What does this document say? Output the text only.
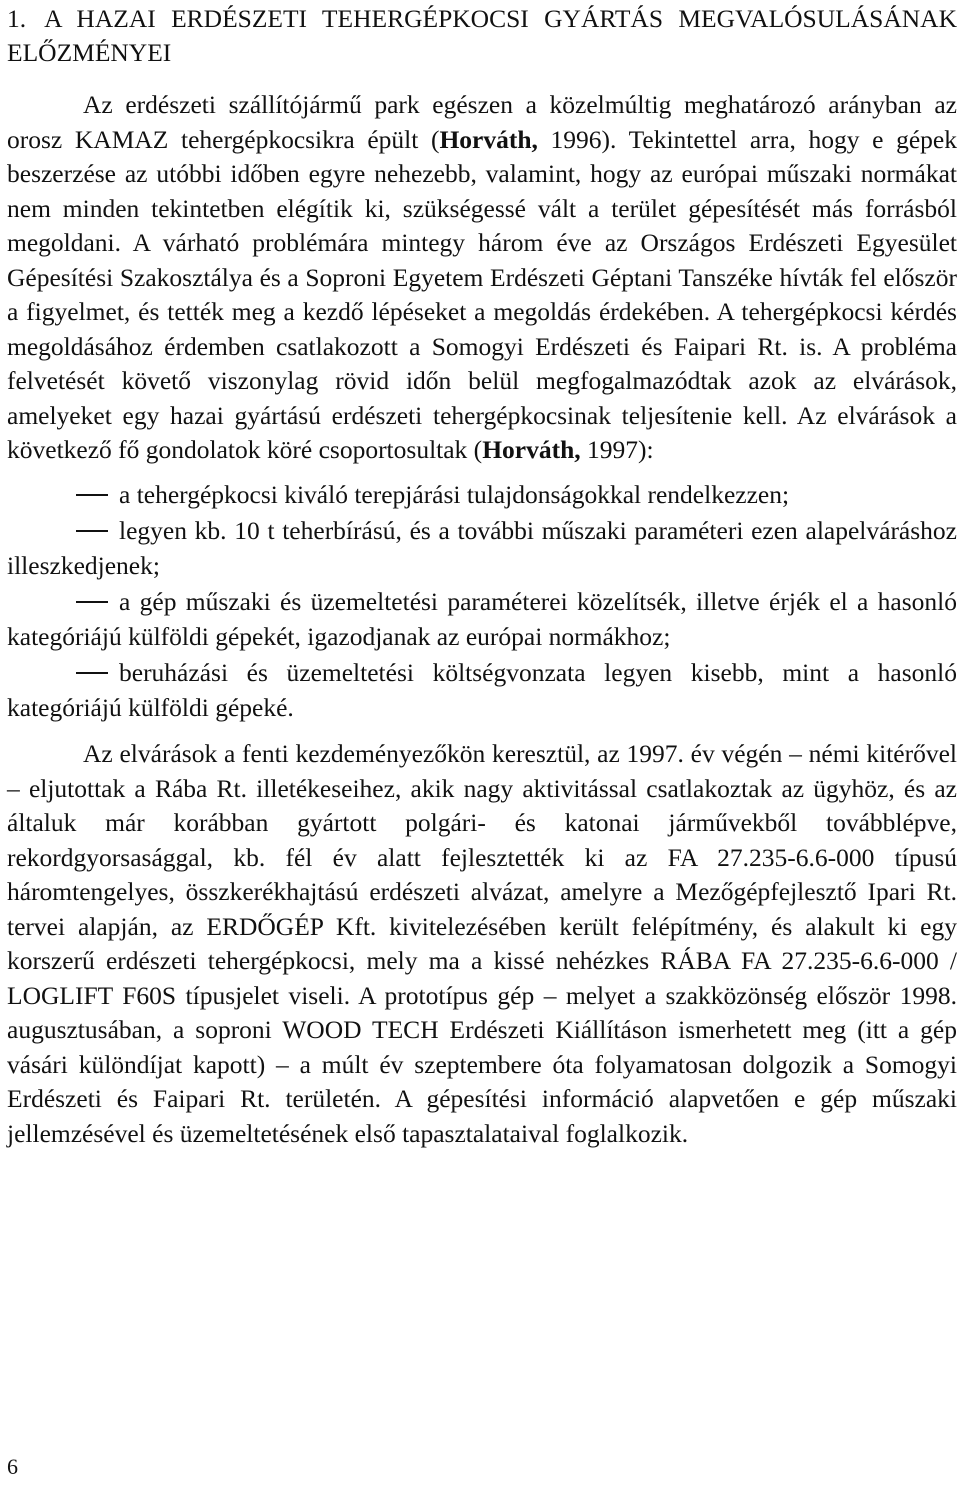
1. A HAZAI ERDÉSZETI TEHERGÉPKOCSI GYÁRTÁS MEGVALÓSULÁSÁNAK ELŐZMÉNYEI

Az erdészeti szállítójármű park egészen a közelmúltig meghatározó arányban az orosz KAMAZ tehergépkocsikra épült (Horváth, 1996). Tekintettel arra, hogy e gépek beszerzése az utóbbi időben egyre nehezebb, valamint, hogy az európai műszaki normákat nem minden tekintetben elégítik ki, szükségessé vált a terület gépesítését más forrásból megoldani. A várható problémára mintegy három éve az Országos Erdészeti Egyesület Gépesítési Szakosztálya és a Soproni Egyetem Erdészeti Géptani Tanszéke hívták fel először a figyelmet, és tették meg a kezdő lépéseket a megoldás érdekében. A tehergépkocsi kérdés megoldásához érdemben csatlakozott a Somogyi Erdészeti és Faipari Rt. is. A probléma felvetését követő viszonylag rövid időn belül megfogalmazódtak azok az elvárások, amelyeket egy hazai gyártású erdészeti tehergépkocsinak teljesítenie kell. Az elvárások a következő fő gondolatok köré csoportosultak (Horváth, 1997):

a tehergépkocsi kiváló terepjárási tulajdonságokkal rendelkezzen;
legyen kb. 10 t teherbírású, és a további műszaki paraméteri ezen alapelváráshoz illeszkedjenek;
a gép műszaki és üzemeltetési paraméterei közelítsék, illetve érjék el a hasonló kategóriájú külföldi gépekét, igazodjanak az európai normákhoz;
beruházási és üzemeltetési költségvonzata legyen kisebb, mint a hasonló kategóriájú külföldi gépeké.

Az elvárások a fenti kezdeményezőkön keresztül, az 1997. év végén – némi kitérővel – eljutottak a Rába Rt. illetékeseihez, akik nagy aktivitással csatlakoztak az ügyhöz, és az általuk már korábban gyártott polgári- és katonai járművekből továbblépve, rekordgyorsasággal, kb. fél év alatt fejlesztették ki az FA 27.235-6.6-000 típusú háromtengelyes, összkerékhajtású erdészeti alvázat, amelyre a Mezőgépfejlesztő Ipari Rt. tervei alapján, az ERDŐGÉP Kft. kivitelezésében került felépítmény, és alakult ki egy korszerű erdészeti tehergépkocsi, mely ma a kissé nehézkes RÁBA FA 27.235-6.6-000 / LOGLIFT F60S típusjelet viseli. A prototípus gép – melyet a szakközönség először 1998. augusztusában, a soproni WOOD TECH Erdészeti Kiállításon ismerhetett meg (itt a gép vásári különdíjat kapott) – a múlt év szeptembere óta folyamatosan dolgozik a Somogyi Erdészeti és Faipari Rt. területén. A gépesítési információ alapvetően e gép műszaki jellemzésével és üzemeltetésének első tapasztalataival foglalkozik.

6
